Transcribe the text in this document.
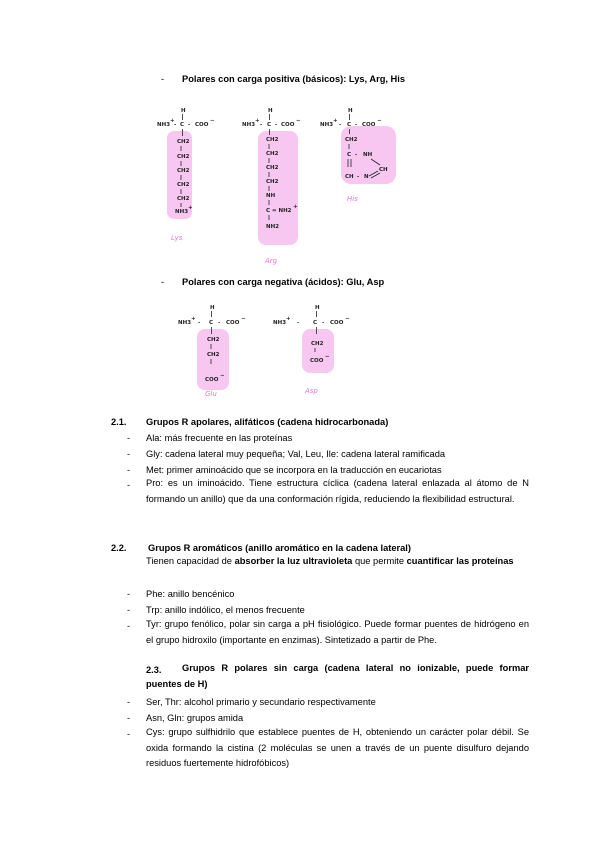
- Polares con carga positiva (básicos): Lys, Arg, His
H
NH3
+
- C - COO
−
CH2
CH2
CH2
CH2
CH2
NH3
+
Lys
H
NH3
+
- C - COO
−
CH2
CH2
CH2
CH2
NH
C = NH2
+
NH2
Arg
H
NH3
+
- C - COO
−
CH2
C - NH
CH
CH - N
His
- Polares con carga negativa (ácidos): Glu, Asp
H
NH3
+
- C - COO
−
CH2
CH2
COO
−
Glu
H
NH3
+
- C - COO
−
CH2
COO
−
Asp
2.1. Grupos R apolares, alifáticos (cadena hidrocarbonada)
- Ala: más frecuente en las proteínas
- Gly: cadena lateral muy pequeña; Val, Leu, Ile: cadena lateral ramificada
- Met: primer aminoácido que se incorpora en la traducción en eucariotas
- Pro: es un iminoácido. Tiene estructura cíclica (cadena lateral enlazada al átomo de N formando un anillo) que da una conformación rígida, reduciendo la flexibilidad estructural.
2.2. Grupos R aromáticos (anillo aromático en la cadena lateral)
Tienen capacidad de absorber la luz ultravioleta que permite cuantificar las proteínas
- Phe: anillo bencénico
- Trp: anillo indólico, el menos frecuente
- Tyr: grupo fenólico, polar sin carga a pH fisiológico. Puede formar puentes de hidrógeno en el grupo hidroxilo (importante en enzimas). Sintetizado a partir de Phe.
2.3.	Grupos R polares sin carga (cadena lateral no ionizable, puede formar puentes de H)
- Ser, Thr: alcohol primario y secundario respectivamente
- Asn, Gln: grupos amida
- Cys: grupo sulfhidrilo que establece puentes de H, obteniendo un carácter polar débil. Se oxida formando la cistina (2 moléculas se unen a través de un puente disulfuro dejando residuos fuertemente hidrofóbicos)
